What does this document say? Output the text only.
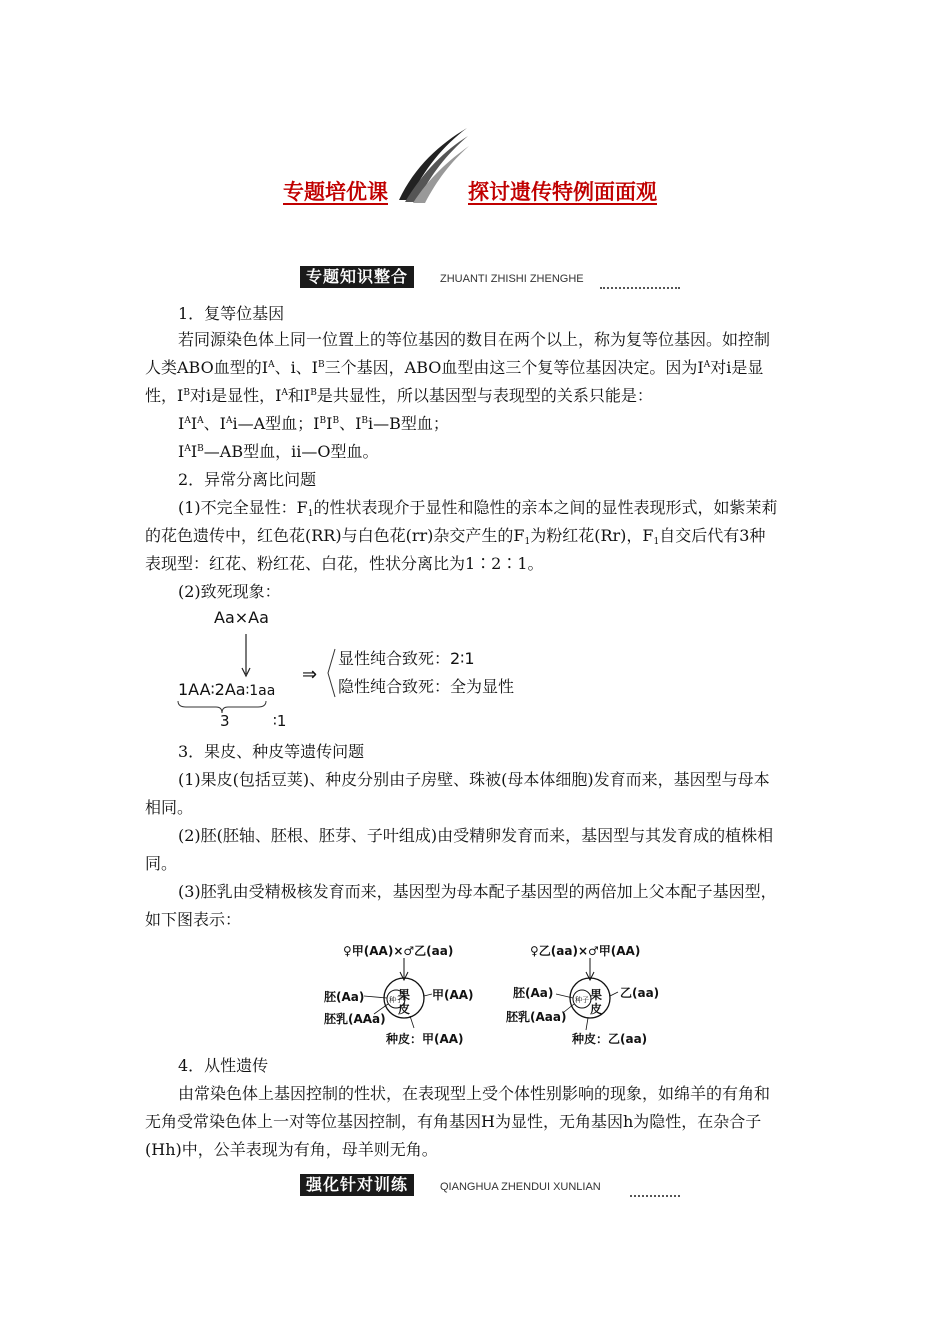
专题培优课	探讨遗传特例面面观
专题知识整合	ZHUANTI ZHISHI ZHENGHE
1．复等位基因
若同源染色体上同一位置上的等位基因的数目在两个以上，称为复等位基因。如控制
人类ABO血型的$I^A$、i、$I^B$三个基因，ABO血型由这三个复等位基因决定。因为$I^A$对i是显
性，$I^B$对i是显性，$I^A$和$I^B$是共显性，所以基因型与表现型的关系只能是：
$I^AI^A$、$I^Ai—A$型血；$I^BI^B$、$I^Bi—B$型血；
$I^AI^B—AB$型血，ii—O型血。
2．异常分离比问题
(1)不完全显性：$F_1$的性状表现介于显性和隐性的亲本之间的显性表现形式，如紫茉莉
的花色遗传中，红色花(RR)与白色花(rr)杂交产生的$F_1$为粉红花(Rr)，$F_1$自交后代有3种
表现型：红花、粉红花、白花，性状分离比为1∶2∶1。
(2)致死现象：
Aa×Aa
1AA∶2Aa∶1aa
3	∶1
⇒
显性纯合致死：2∶1
隐性纯合致死：全为显性
3．果皮、种皮等遗传问题
(1)果皮(包括豆荚)、种皮分别由子房壁、珠被(母本体细胞)发育而来，基因型与母本
相同。
(2)胚(胚轴、胚根、胚芽、子叶组成)由受精卵发育而来，基因型与其发育成的植株相
同。
(3)胚乳由受精极核发育而来，基因型为母本配子基因型的两倍加上父本配子基因型，
如下图表示：
♀甲(AA)×♂乙(aa)
果
皮
种子
胚(Aa)	甲(AA)
胚乳(AAa)
种皮：甲(AA)
♀乙(aa)×♂甲(AA)
果
皮
种子
胚(Aa)	乙(aa)
胚乳(Aaa)
种皮：乙(aa)
4．从性遗传
由常染色体上基因控制的性状，在表现型上受个体性别影响的现象，如绵羊的有角和
无角受常染色体上一对等位基因控制，有角基因H为显性，无角基因h为隐性，在杂合子
(Hh)中，公羊表现为有角，母羊则无角。
强化针对训练	QIANGHUA ZHENDUI XUNLIAN
